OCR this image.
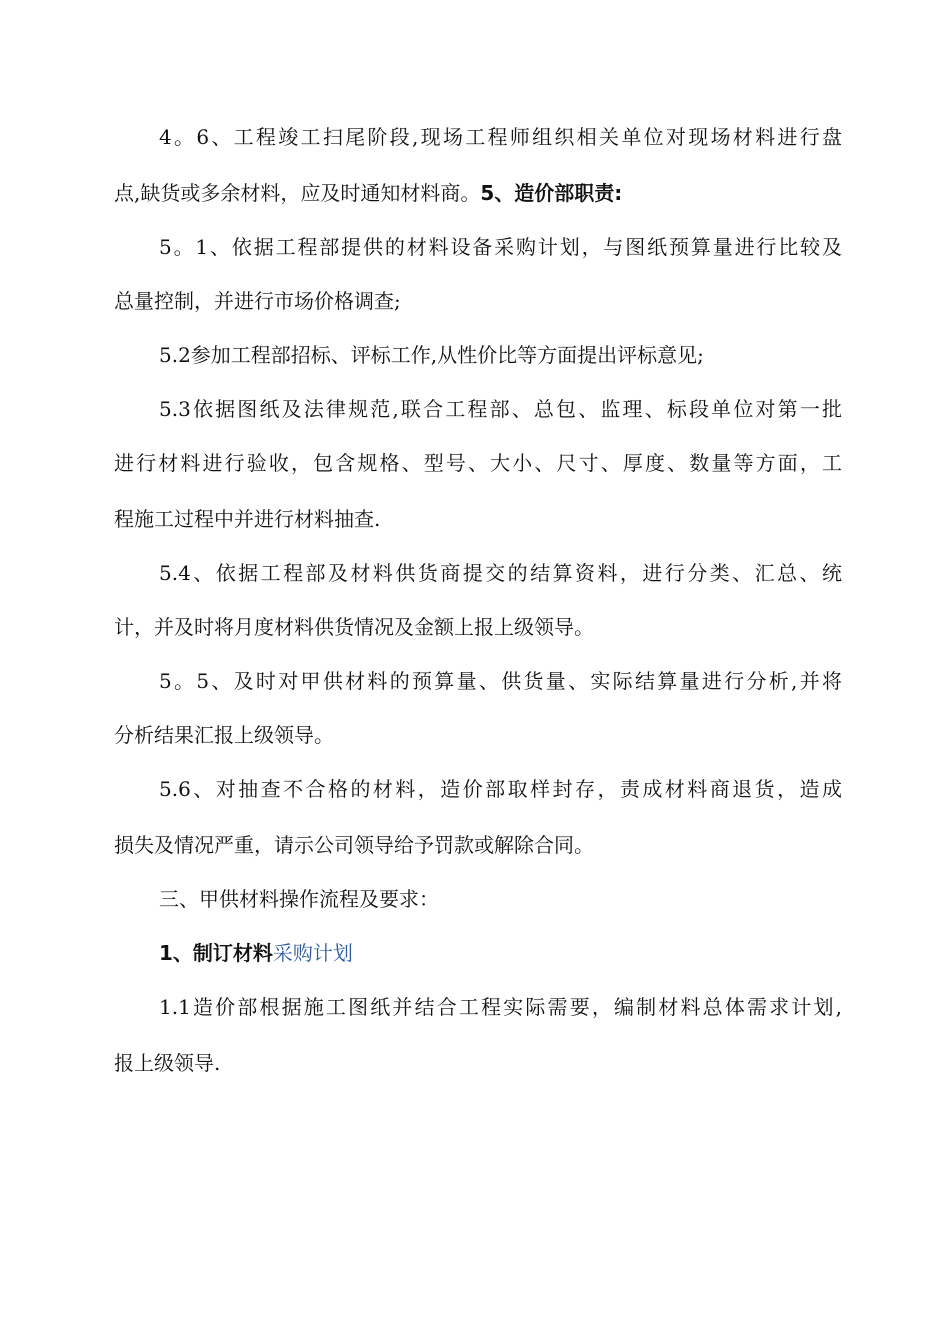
4。6、工程竣工扫尾阶段,现场工程师组织相关单位对现场材料进行盘
点,缺货或多余材料，应及时通知材料商。5、造价部职责:
5。1、依据工程部提供的材料设备采购计划，与图纸预算量进行比较及
总量控制，并进行市场价格调查;
5.2参加工程部招标、评标工作,从性价比等方面提出评标意见;
5.3依据图纸及法律规范,联合工程部、总包、监理、标段单位对第一批
进行材料进行验收，包含规格、型号、大小、尺寸、厚度、数量等方面，工
程施工过程中并进行材料抽查.
5.4、依据工程部及材料供货商提交的结算资料，进行分类、汇总、统
计，并及时将月度材料供货情况及金额上报上级领导。
5。5、及时对甲供材料的预算量、供货量、实际结算量进行分析,并将
分析结果汇报上级领导。
5.6、对抽查不合格的材料，造价部取样封存，责成材料商退货，造成
损失及情况严重，请示公司领导给予罚款或解除合同。
三、甲供材料操作流程及要求：
1、制订材料采购计划
1.1造价部根据施工图纸并结合工程实际需要，编制材料总体需求计划,
报上级领导.
